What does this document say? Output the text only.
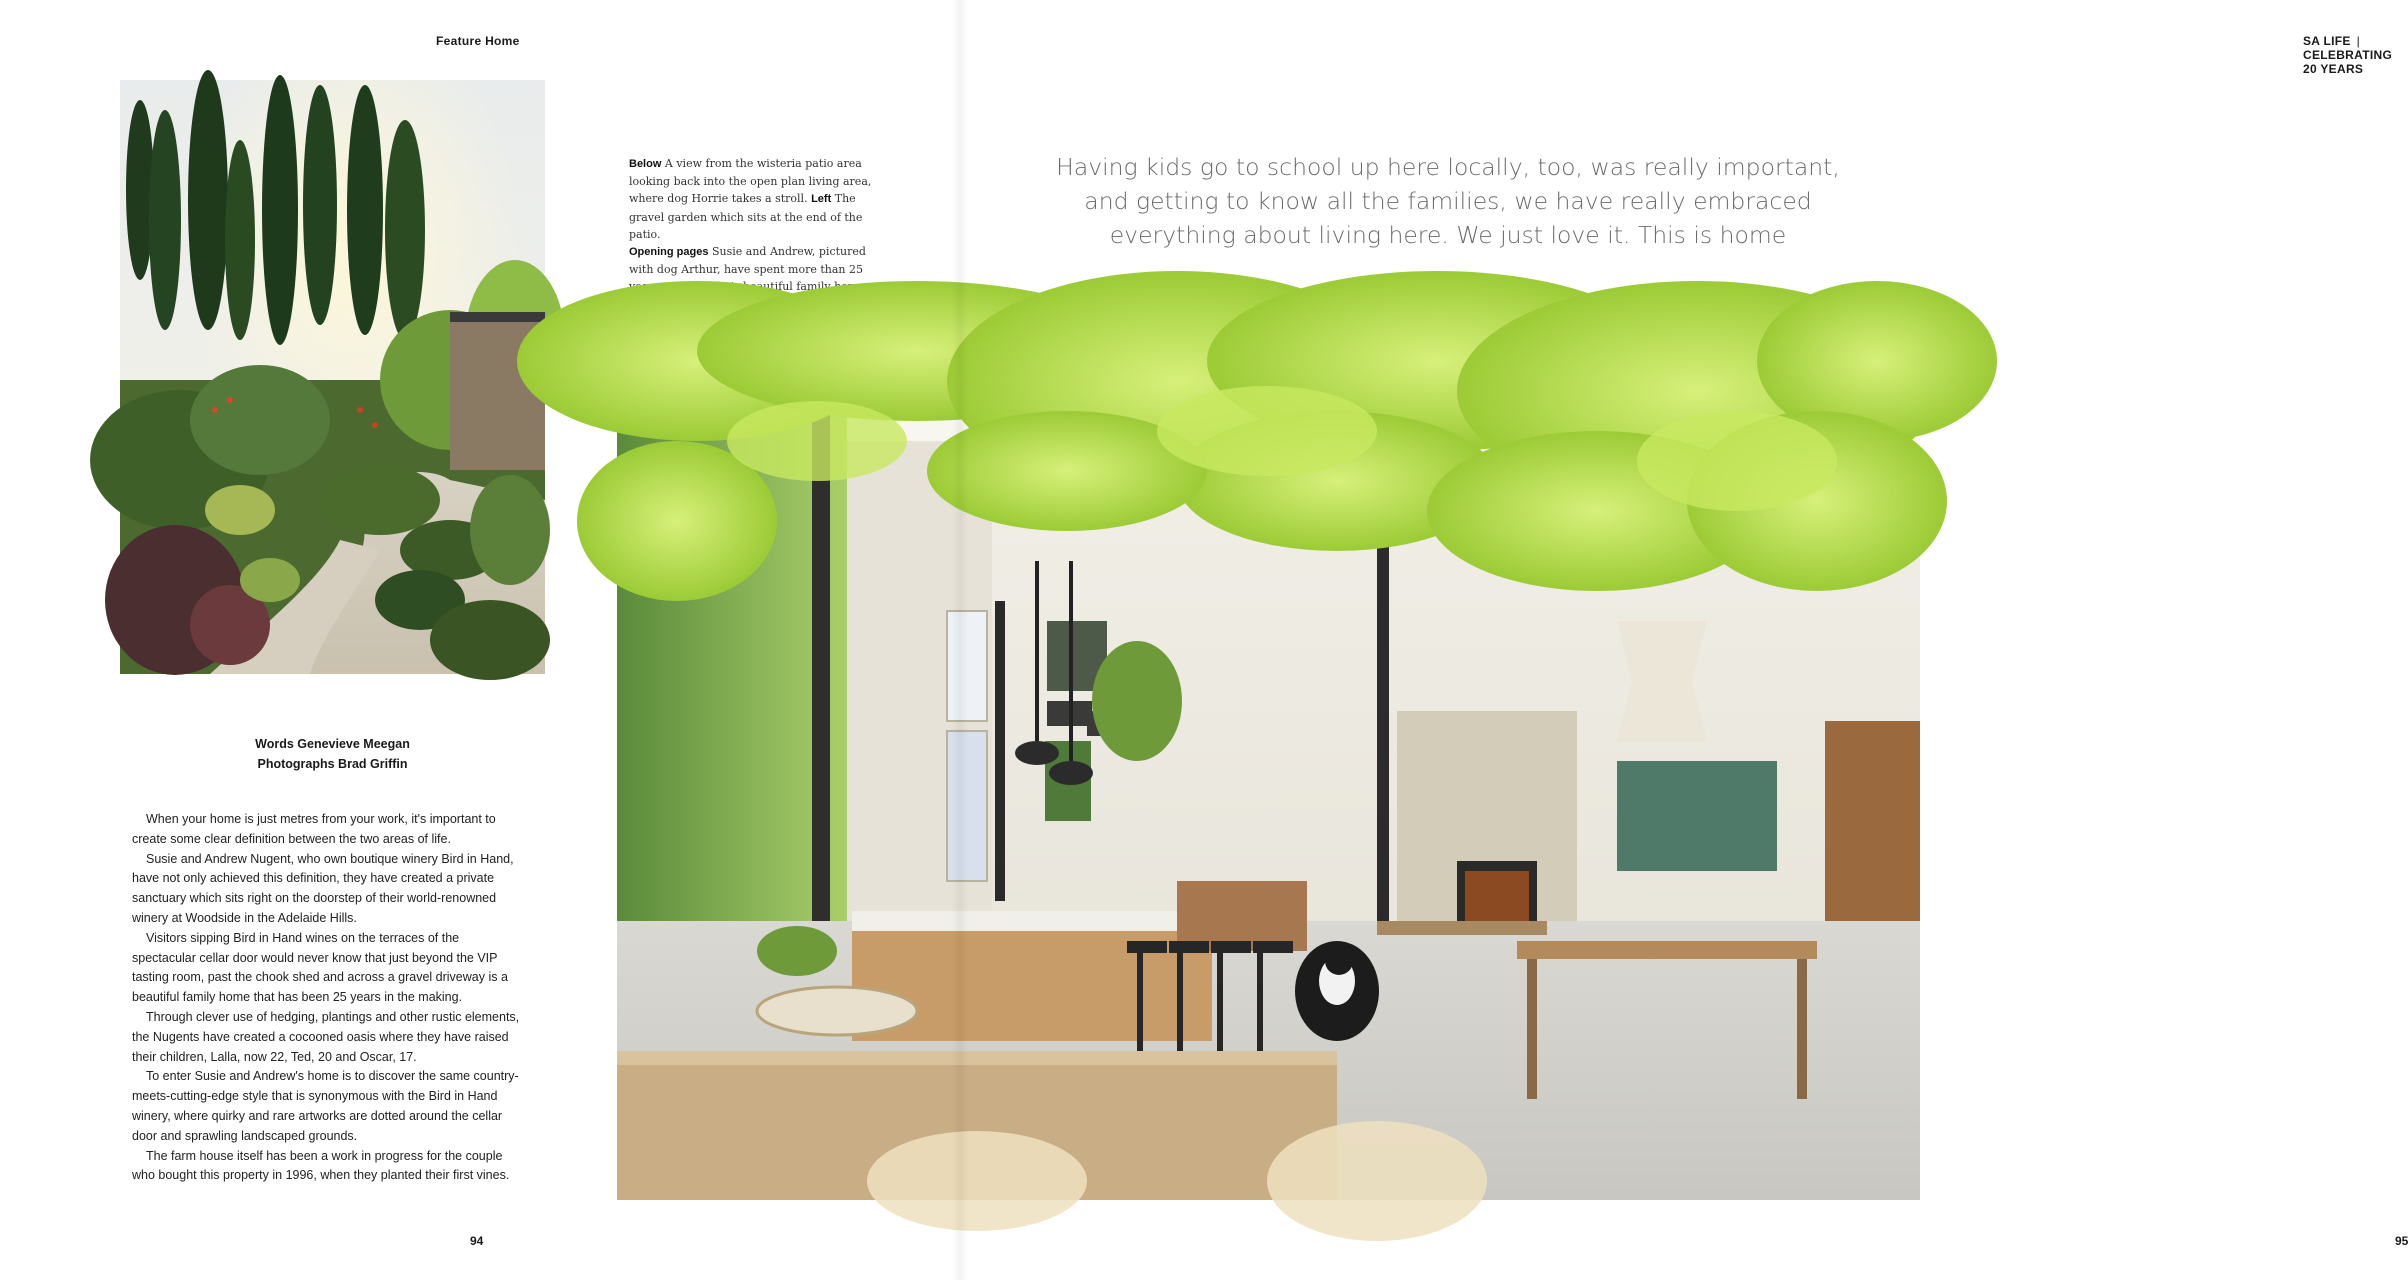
Feature Home
Words Genevieve Meegan
Photographs Brad Griffin

When your home is just metres from your work, it's important to create some clear definition between the two areas of life.

Susie and Andrew Nugent, who own boutique winery Bird in Hand, have not only achieved this definition, they have created a private sanctuary which sits right on the doorstep of their world-renowned winery at Woodside in the Adelaide Hills.

Visitors sipping Bird in Hand wines on the terraces of the spectacular cellar door would never know that just beyond the VIP tasting room, past the chook shed and across a gravel driveway is a beautiful family home that has been 25 years in the making.

Through clever use of hedging, plantings and other rustic elements, the Nugents have created a cocooned oasis where they have raised their children, Lalla, now 22, Ted, 20 and Oscar, 17.

To enter Susie and Andrew's home is to discover the same country-meets-cutting-edge style that is synonymous with the Bird in Hand winery, where quirky and rare artworks are dotted around the cellar door and sprawling landscaped grounds.

The farm house itself has been a work in progress for the couple who bought this property in 1996, when they planted their first vines.

94
SA LIFE |CELEBRATING 20 YEARS
95
Below A view from the wisteria patio area looking back into the open plan living area, where dog Horrie takes a stroll. Left The gravel garden which sits at the end of the patio.
Opening pages Susie and Andrew, pictured with dog Arthur, have spent more than 25 beautiful family
Having kids go to school up here locally, too, was really important, and getting to know all the families, we have really embraced everything about living here. We just love it. This is home
